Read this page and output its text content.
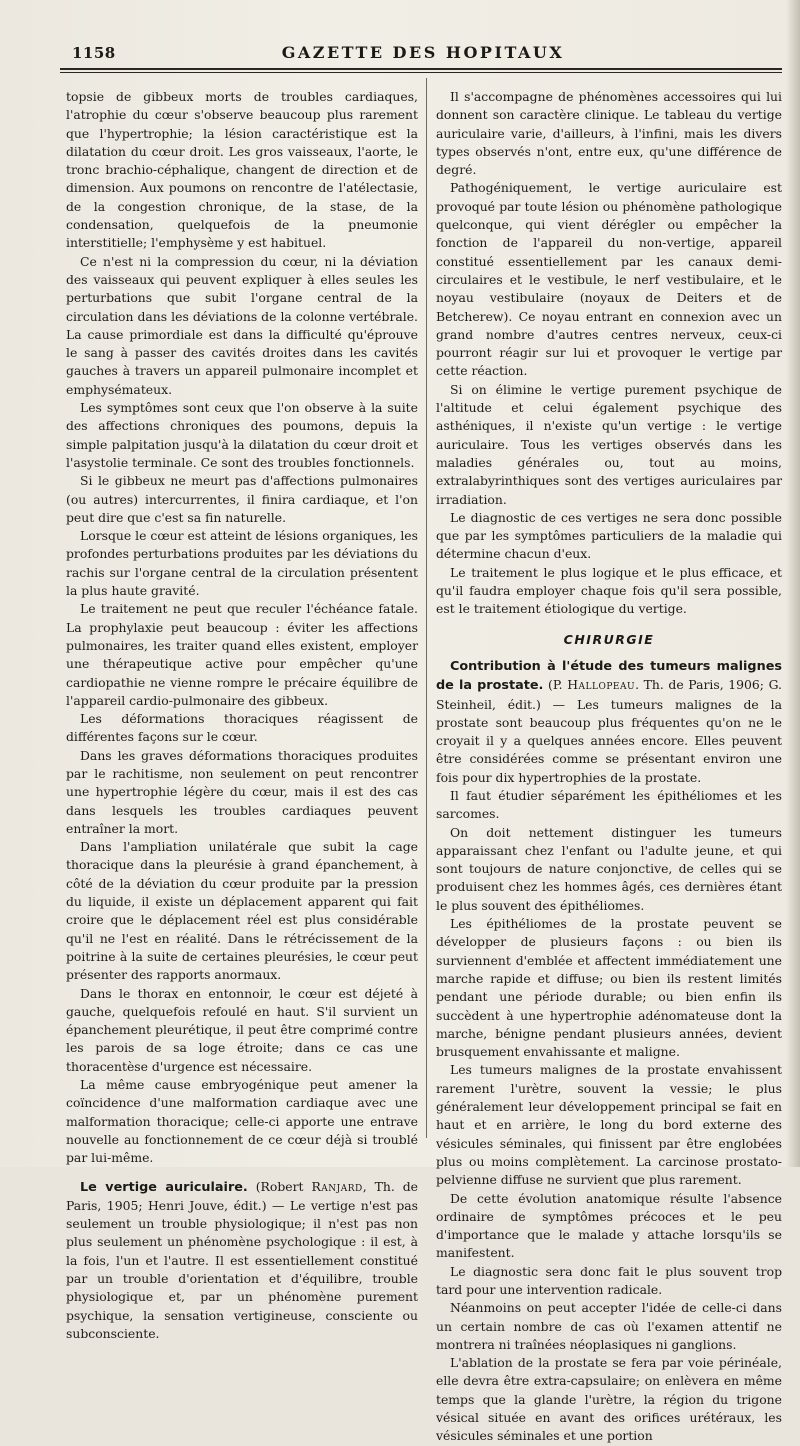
1158	GAZETTE DES HOPITAUX

topsie de gibbeux morts de troubles cardiaques, l'atrophie du cœur s'observe beaucoup plus rarement que l'hypertrophie; la lésion caractéristique est la dilatation du cœur droit. Les gros vaisseaux, l'aorte, le tronc brachio-céphalique, changent de direction et de dimension. Aux poumons on rencontre de l'atélectasie, de la congestion chronique, de la stase, de la condensation, quelquefois de la pneumonie interstitielle; l'emphysème y est habituel.

Ce n'est ni la compression du cœur, ni la déviation des vaisseaux qui peuvent expliquer à elles seules les perturbations que subit l'organe central de la circulation dans les déviations de la colonne vertébrale. La cause primordiale est dans la difficulté qu'éprouve le sang à passer des cavités droites dans les cavités gauches à travers un appareil pulmonaire incomplet et emphysémateux.

Les symptômes sont ceux que l'on observe à la suite des affections chroniques des poumons, depuis la simple palpitation jusqu'à la dilatation du cœur droit et l'asystolie terminale. Ce sont des troubles fonctionnels.

Si le gibbeux ne meurt pas d'affections pulmonaires (ou autres) intercurrentes, il finira cardiaque, et l'on peut dire que c'est sa fin naturelle.

Lorsque le cœur est atteint de lésions organiques, les profondes perturbations produites par les déviations du rachis sur l'organe central de la circulation présentent la plus haute gravité.

Le traitement ne peut que reculer l'échéance fatale. La prophylaxie peut beaucoup : éviter les affections pulmonaires, les traiter quand elles existent, employer une thérapeutique active pour empêcher qu'une cardiopathie ne vienne rompre le précaire équilibre de l'appareil cardio-pulmonaire des gibbeux.

Les déformations thoraciques réagissent de différentes façons sur le cœur.

Dans les graves déformations thoraciques produites par le rachitisme, non seulement on peut rencontrer une hypertrophie légère du cœur, mais il est des cas dans lesquels les troubles cardiaques peuvent entraîner la mort.

Dans l'ampliation unilatérale que subit la cage thoracique dans la pleurésie à grand épanchement, à côté de la déviation du cœur produite par la pression du liquide, il existe un déplacement apparent qui fait croire que le déplacement réel est plus considérable qu'il ne l'est en réalité. Dans le rétrécissement de la poitrine à la suite de certaines pleurésies, le cœur peut présenter des rapports anormaux.

Dans le thorax en entonnoir, le cœur est déjeté à gauche, quelquefois refoulé en haut. S'il survient un épanchement pleurétique, il peut être comprimé contre les parois de sa loge étroite; dans ce cas une thoracentèse d'urgence est nécessaire.

La même cause embryogénique peut amener la coïncidence d'une malformation cardiaque avec une malformation thoracique; celle-ci apporte une entrave nouvelle au fonctionnement de ce cœur déjà si troublé par lui-même.

Le vertige auriculaire. (Robert Ranjard, Th. de Paris, 1905; Henri Jouve, édit.) — Le vertige n'est pas seulement un trouble physiologique; il n'est pas non plus seulement un phénomène psychologique : il est, à la fois, l'un et l'autre. Il est essentiellement constitué par un trouble d'orientation et d'équilibre, trouble physiologique et, par un phénomène purement psychique, la sensation vertigineuse, consciente ou subconsciente.

Il s'accompagne de phénomènes accessoires qui lui donnent son caractère clinique. Le tableau du vertige auriculaire varie, d'ailleurs, à l'infini, mais les divers types observés n'ont, entre eux, qu'une différence de degré.

Pathogéniquement, le vertige auriculaire est provoqué par toute lésion ou phénomène pathologique quelconque, qui vient dérégler ou empêcher la fonction de l'appareil du non-vertige, appareil constitué essentiellement par les canaux demi-circulaires et le vestibule, le nerf vestibulaire, et le noyau vestibulaire (noyaux de Deiters et de Betcherew). Ce noyau entrant en connexion avec un grand nombre d'autres centres nerveux, ceux-ci pourront réagir sur lui et provoquer le vertige par cette réaction.

Si on élimine le vertige purement psychique de l'altitude et celui également psychique des asthéniques, il n'existe qu'un vertige : le vertige auriculaire. Tous les vertiges observés dans les maladies générales ou, tout au moins, extralabyrinthiques sont des vertiges auriculaires par irradiation.

Le diagnostic de ces vertiges ne sera donc possible que par les symptômes particuliers de la maladie qui détermine chacun d'eux.

Le traitement le plus logique et le plus efficace, et qu'il faudra employer chaque fois qu'il sera possible, est le traitement étiologique du vertige.

CHIRURGIE

Contribution à l'étude des tumeurs malignes de la prostate. (P. Hallopeau. Th. de Paris, 1906; G. Steinheil, édit.) — Les tumeurs malignes de la prostate sont beaucoup plus fréquentes qu'on ne le croyait il y a quelques années encore. Elles peuvent être considérées comme se présentant environ une fois pour dix hypertrophies de la prostate.

Il faut étudier séparément les épithéliomes et les sarcomes.

On doit nettement distinguer les tumeurs apparaissant chez l'enfant ou l'adulte jeune, et qui sont toujours de nature conjonctive, de celles qui se produisent chez les hommes âgés, ces dernières étant le plus souvent des épithéliomes.

Les épithéliomes de la prostate peuvent se développer de plusieurs façons : ou bien ils surviennent d'emblée et affectent immédiatement une marche rapide et diffuse; ou bien ils restent limités pendant une période durable; ou bien enfin ils succèdent à une hypertrophie adénomateuse dont la marche, bénigne pendant plusieurs années, devient brusquement envahissante et maligne.

Les tumeurs malignes de la prostate envahissent rarement l'urètre, souvent la vessie; le plus généralement leur développement principal se fait en haut et en arrière, le long du bord externe des vésicules séminales, qui finissent par être englobées plus ou moins complètement. La carcinose prostato-pelvienne diffuse ne survient que plus rarement.

De cette évolution anatomique résulte l'absence ordinaire de symptômes précoces et le peu d'importance que le malade y attache lorsqu'ils se manifestent.

Le diagnostic sera donc fait le plus souvent trop tard pour une intervention radicale.

Néanmoins on peut accepter l'idée de celle-ci dans un certain nombre de cas où l'examen attentif ne montrera ni traînées néoplasiques ni ganglions.

L'ablation de la prostate se fera par voie périnéale, elle devra être extra-capsulaire; on enlèvera en même temps que la glande l'urètre, la région du trigone vésical située en avant des orifices urétéraux, les vésicules séminales et une portion
